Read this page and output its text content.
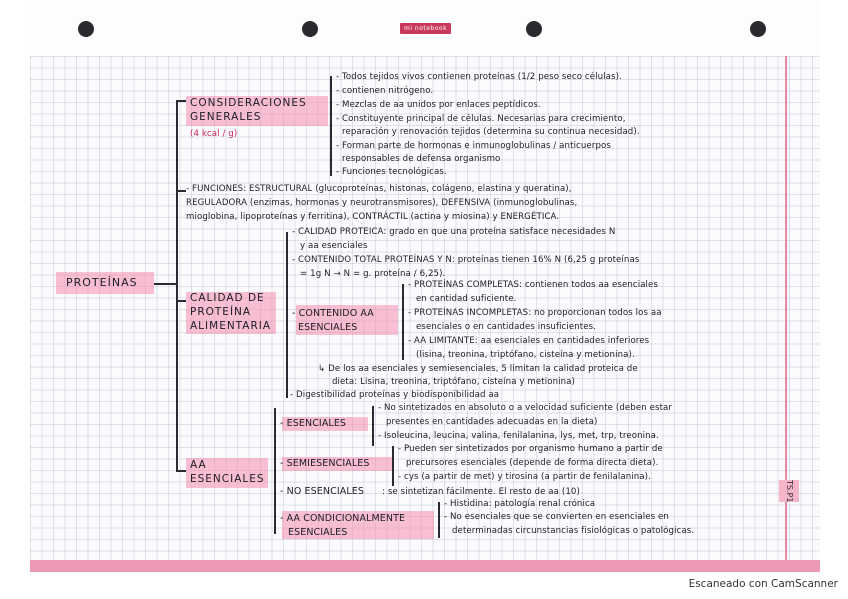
mi notebook
TS.P1
Escaneado con CamScanner
PROTEÍNAS
CONSIDERACIONES
GENERALES
(4 kcal / g)
- Todos tejidos vivos contienen proteínas (1/2 peso seco células).
- contienen nitrógeno.
- Mezclas de aa unidos por enlaces peptídicos.
- Constituyente principal de células. Necesarias para crecimiento,
reparación y renovación tejidos (determina su continua necesidad).
- Forman parte de hormonas e inmunoglobulinas / anticuerpos
responsables de defensa organismo
- Funciones tecnológicas.
- FUNCIONES: ESTRUCTURAL (glucoproteínas, histonas, colágeno, elastina y queratina),
REGULADORA (enzimas, hormonas y neurotransmisores), DEFENSIVA (inmunoglobulinas,
mioglobina, lipoproteínas y ferritina), CONTRÁCTIL (actina y miosina) y ENERGÉTICA.
CALIDAD DE
PROTEÍNA
ALIMENTARIA
- CALIDAD PROTEICA: grado en que una proteína satisface necesidades N
y aa esenciales
- CONTENIDO TOTAL PROTEÍNAS Y N: proteínas tienen 16% N (6,25 g proteínas
= 1g N → N = g. proteína / 6,25).
- CONTENIDO AA
ESENCIALES
- PROTEÍNAS COMPLETAS: contienen todos aa esenciales
en cantidad suficiente.
- PROTEÍNAS INCOMPLETAS: no proporcionan todos los aa
esenciales o en cantidades insuficientes.
- AA LIMITANTE: aa esenciales en cantidades inferiores
(lisina, treonina, triptófano, cisteína y metionina).
↳ De los aa esenciales y semiesenciales, 5 limitan la calidad proteica de
dieta: Lisina, treonina, triptófano, cisteína y metionina)
- Digestibilidad proteínas y biodisponibilidad aa
AA
ESENCIALES
- ESENCIALES
- No sintetizados en absoluto o a velocidad suficiente (deben estar
presentes en cantidades adecuadas en la dieta)
- Isoleucina, leucina, valina, fenilalanina, lys, met, trp, treonina.
- SEMIESENCIALES
- Pueden ser sintetizados por organismo humano a partir de
precursores esenciales (depende de forma directa dieta).
- cys (a partir de met) y tirosina (a partir de fenilalanina).
- NO ESENCIALES : se sintetizan fácilmente. El resto de aa (10)
- AA CONDICIONALMENTE
ESENCIALES
- Histidina: patología renal crónica
- No esenciales que se convierten en esenciales en
determinadas circunstancias fisiológicas o patológicas.
